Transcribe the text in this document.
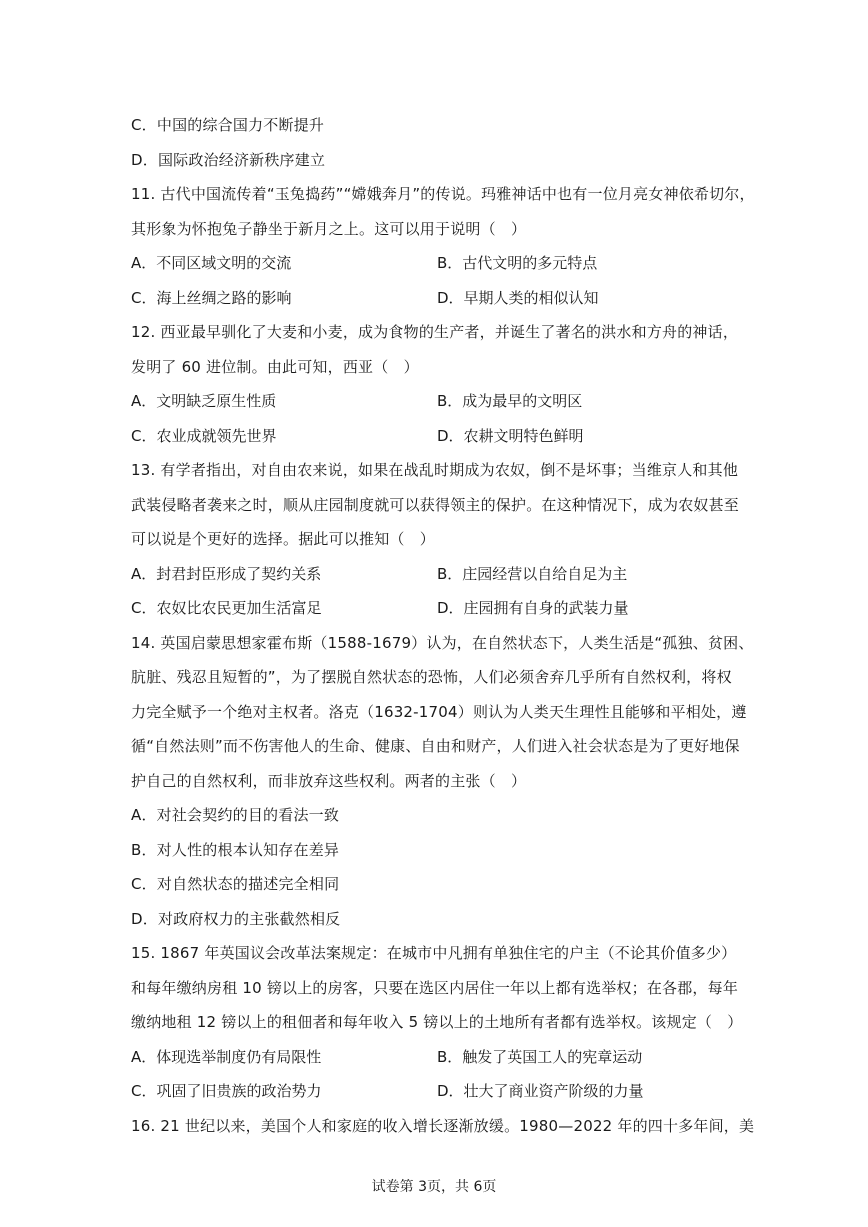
C．中国的综合国力不断提升
D．国际政治经济新秩序建立
11. 古代中国流传着“玉兔捣药”“嫦娥奔月”的传说。玛雅神话中也有一位月亮女神依希切尔，
其形象为怀抱兔子静坐于新月之上。这可以用于说明（　）
A．不同区域文明的交流	B．古代文明的多元特点
C．海上丝绸之路的影响	D．早期人类的相似认知
12. 西亚最早驯化了大麦和小麦，成为食物的生产者，并诞生了著名的洪水和方舟的神话，
发明了 60 进位制。由此可知，西亚（　）
A．文明缺乏原生性质	B．成为最早的文明区
C．农业成就领先世界	D．农耕文明特色鲜明
13. 有学者指出，对自由农来说，如果在战乱时期成为农奴，倒不是坏事；当维京人和其他
武装侵略者袭来之时，顺从庄园制度就可以获得领主的保护。在这种情况下，成为农奴甚至
可以说是个更好的选择。据此可以推知（　）
A．封君封臣形成了契约关系	B．庄园经营以自给自足为主
C．农奴比农民更加生活富足	D．庄园拥有自身的武装力量
14. 英国启蒙思想家霍布斯（1588-1679）认为，在自然状态下，人类生活是“孤独、贫困、
肮脏、残忍且短暂的”，为了摆脱自然状态的恐怖，人们必须舍弃几乎所有自然权利，将权
力完全赋予一个绝对主权者。洛克（1632-1704）则认为人类天生理性且能够和平相处，遵
循“自然法则”而不伤害他人的生命、健康、自由和财产，人们进入社会状态是为了更好地保
护自己的自然权利，而非放弃这些权利。两者的主张（　）
A．对社会契约的目的看法一致
B．对人性的根本认知存在差异
C．对自然状态的描述完全相同
D．对政府权力的主张截然相反
15. 1867 年英国议会改革法案规定：在城市中凡拥有单独住宅的户主（不论其价值多少）
和每年缴纳房租 10 镑以上的房客，只要在选区内居住一年以上都有选举权；在各郡，每年
缴纳地租 12 镑以上的租佃者和每年收入 5 镑以上的土地所有者都有选举权。该规定（　）
A．体现选举制度仍有局限性	B．触发了英国工人的宪章运动
C．巩固了旧贵族的政治势力	D．壮大了商业资产阶级的力量
16. 21 世纪以来，美国个人和家庭的收入增长逐渐放缓。1980—2022 年的四十多年间，美
试卷第 3页，共 6页
